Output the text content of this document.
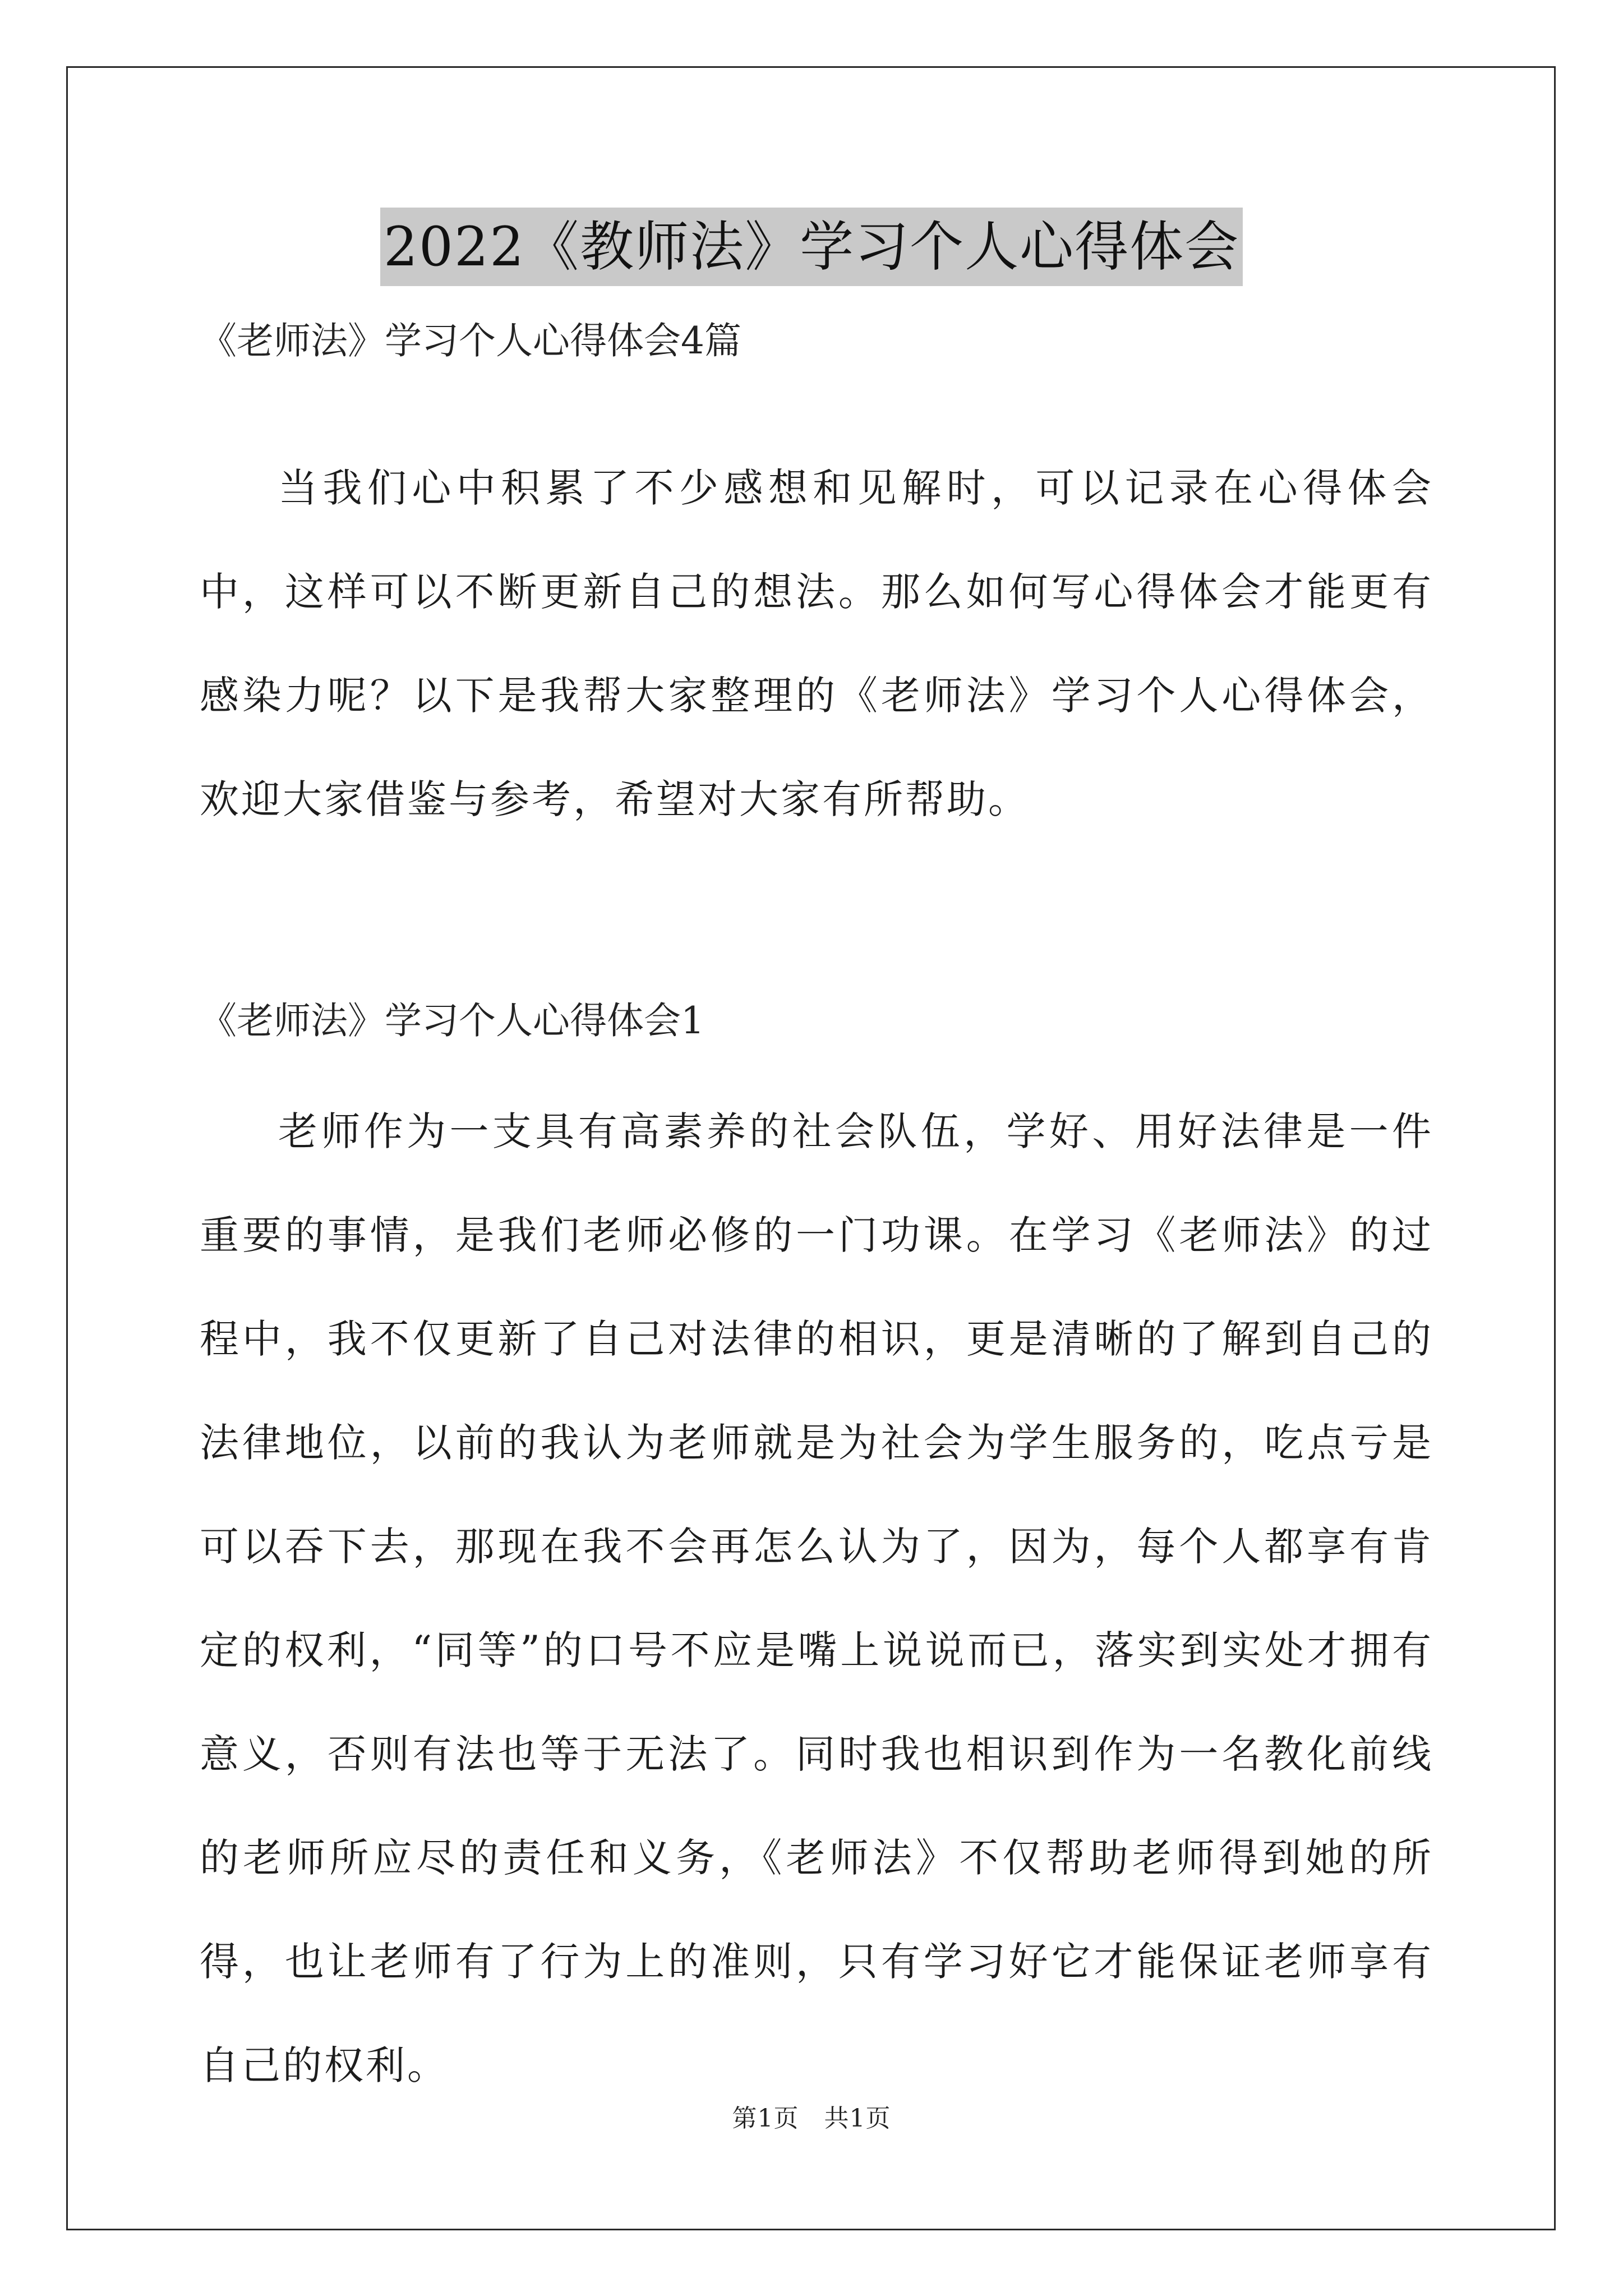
2022《教师法》学习个人心得体会

《老师法》学习个人心得体会4篇

当我们心中积累了不少感想和见解时，可以记录在心得体会中，这样可以不断更新自己的想法。那么如何写心得体会才能更有感染力呢？以下是我帮大家整理的《老师法》学习个人心得体会，欢迎大家借鉴与参考，希望对大家有所帮助。

《老师法》学习个人心得体会1

老师作为一支具有高素养的社会队伍，学好、用好法律是一件重要的事情，是我们老师必修的一门功课。在学习《老师法》的过程中，我不仅更新了自己对法律的相识，更是清晰的了解到自己的法律地位，以前的我认为老师就是为社会为学生服务的，吃点亏是可以吞下去，那现在我不会再怎么认为了，因为，每个人都享有肯定的权利，“同等”的口号不应是嘴上说说而已，落实到实处才拥有意义，否则有法也等于无法了。同时我也相识到作为一名教化前线的老师所应尽的责任和义务，《老师法》不仅帮助老师得到她的所得，也让老师有了行为上的准则，只有学习好它才能保证老师享有自己的权利。

第1页 共1页
